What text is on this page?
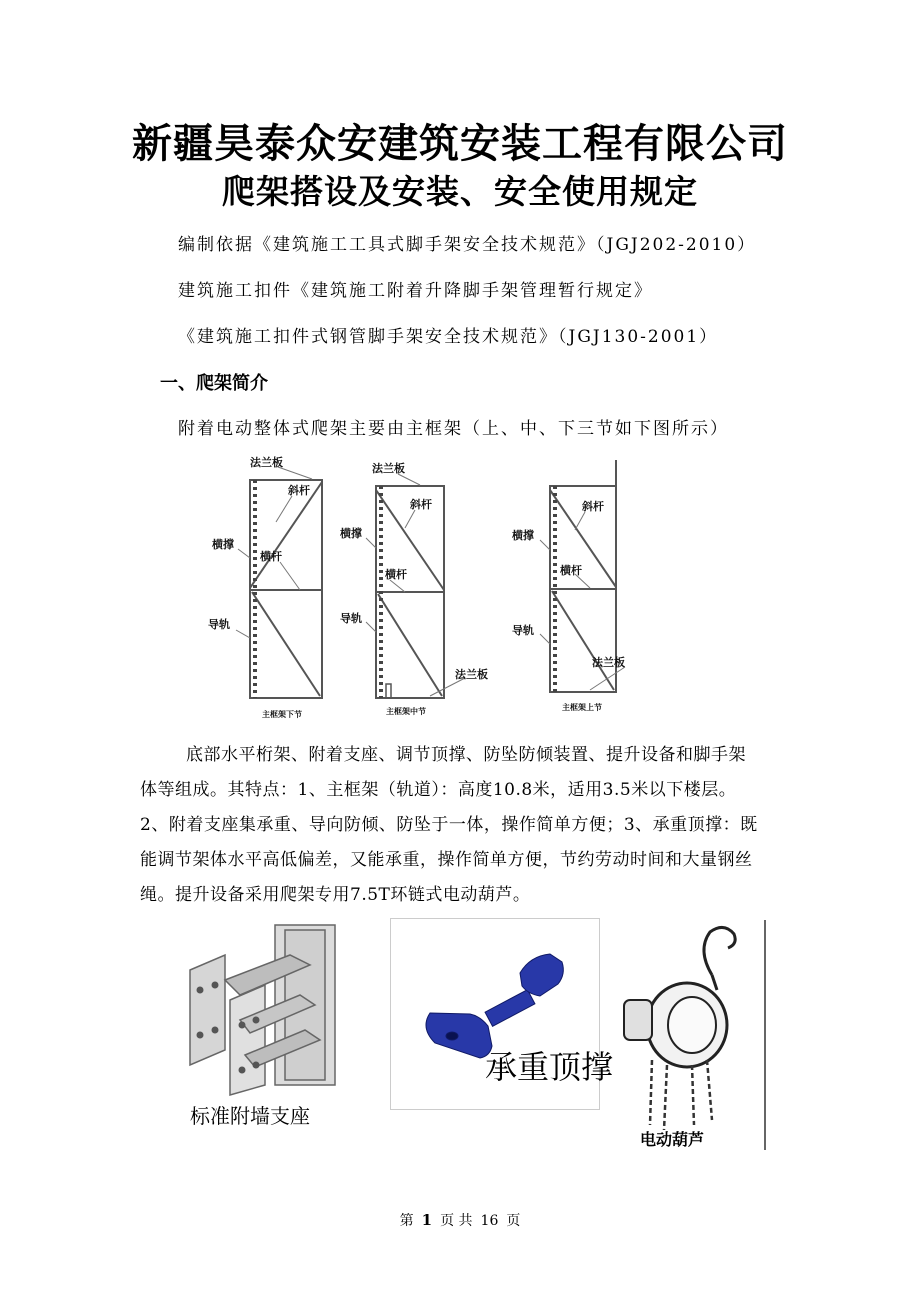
新疆昊泰众安建筑安装工程有限公司
爬架搭设及安装、安全使用规定
编制依据《建筑施工工具式脚手架安全技术规范》（JGJ202-2010）
建筑施工扣件《建筑施工附着升降脚手架管理暂行规定》
《建筑施工扣件式钢管脚手架安全技术规范》（JGJ130-2001）
一、爬架简介
附着电动整体式爬架主要由主框架（上、中、下三节如下图所示）
法兰板
斜杆
横撑
横杆
导轨
主框架下节
法兰板
斜杆
横撑
横杆
导轨
法兰板
主框架中节
斜杆
横撑
横杆
导轨
法兰板
主框架上节
底部水平桁架、附着支座、调节顶撑、防坠防倾装置、提升设备和脚手架
体等组成。其特点：1、主框架（轨道）：高度10.8米，适用3.5米以下楼层。
2、附着支座集承重、导向防倾、防坠于一体，操作简单方便；3、承重顶撑：既
能调节架体水平高低偏差，又能承重，操作简单方便，节约劳动时间和大量钢丝
绳。提升设备采用爬架专用7.5T环链式电动葫芦。
标准附墙支座
承重顶撑
电动葫芦
第 1 页 共 16 页
